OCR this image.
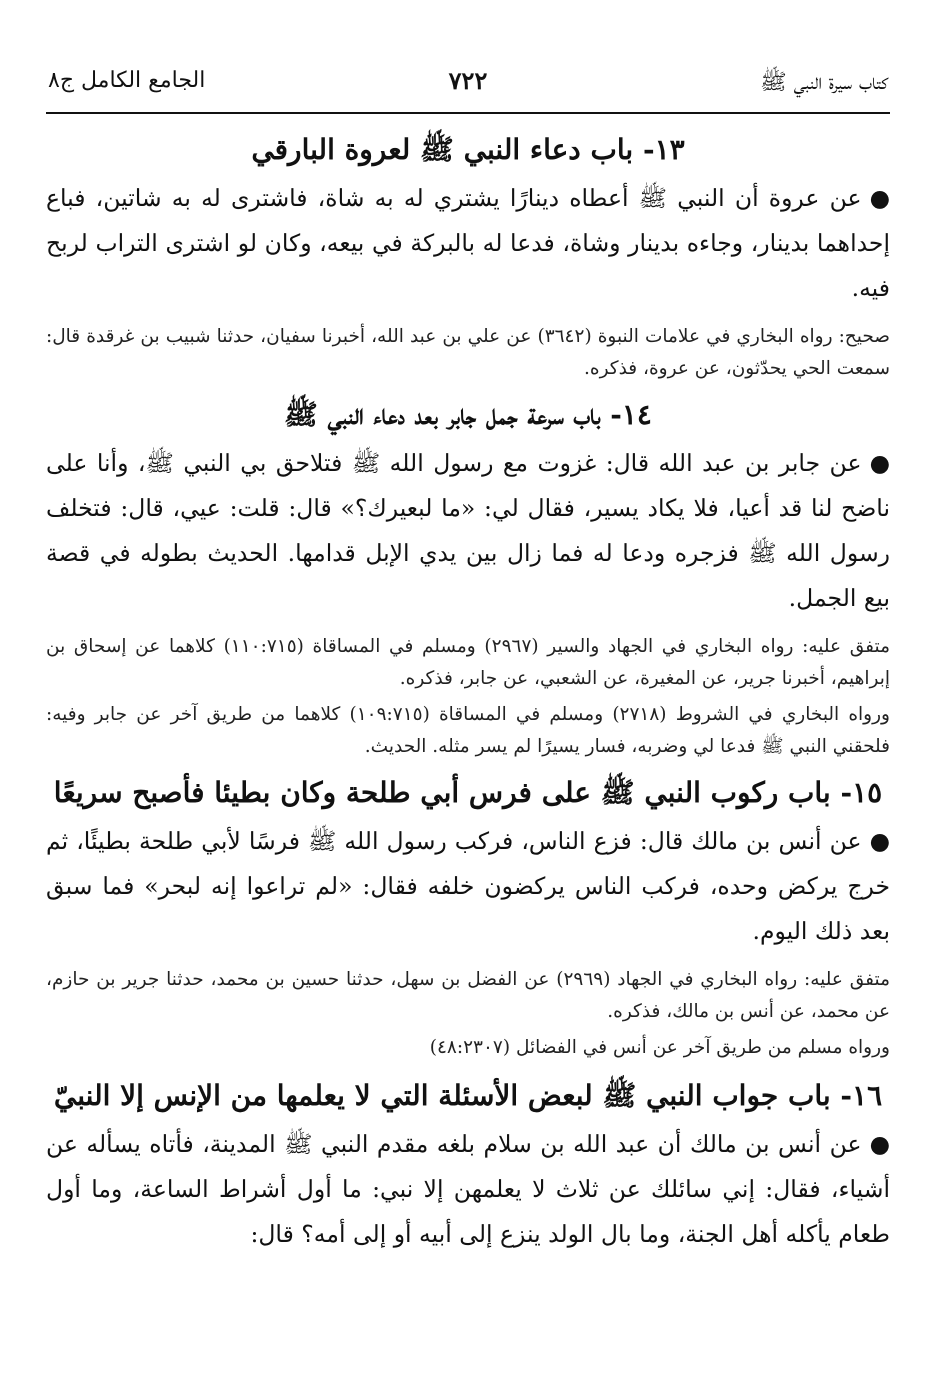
كتاب سيرة النبي ﷺ
٧٢٢
الجامع الكامل ج٨
١٣- باب دعاء النبي ﷺ لعروة البارقي

●عن عروة أن النبي ﷺ أعطاه دينارًا يشتري له به شاة، فاشترى له به شاتين، فباع إحداهما بدينار، وجاءه بدينار وشاة، فدعا له بالبركة في بيعه، وكان لو اشترى التراب لربح فيه.

صحيح: رواه البخاري في علامات النبوة (٣٦٤٢) عن علي بن عبد الله، أخبرنا سفيان، حدثنا شبيب بن غرقدة قال: سمعت الحي يحدّثون، عن عروة، فذكره.

١٤- باب سرعة جمل جابر بعد دعاء النبي ﷺ

●عن جابر بن عبد الله قال: غزوت مع رسول الله ﷺ فتلاحق بي النبي ﷺ، وأنا على ناضح لنا قد أعيا، فلا يكاد يسير، فقال لي: «ما لبعيرك؟» قال: قلت: عيي، قال: فتخلف رسول الله ﷺ فزجره ودعا له فما زال بين يدي الإبل قدامها. الحديث بطوله في قصة بيع الجمل.

متفق عليه: رواه البخاري في الجهاد والسير (٢٩٦٧) ومسلم في المساقاة (١١٠:٧١٥) كلاهما عن إسحاق بن إبراهيم، أخبرنا جرير، عن المغيرة، عن الشعبي، عن جابر، فذكره.

ورواه البخاري في الشروط (٢٧١٨) ومسلم في المساقاة (١٠٩:٧١٥) كلاهما من طريق آخر عن جابر وفيه: فلحقني النبي ﷺ فدعا لي وضربه، فسار يسيرًا لم يسر مثله. الحديث.

١٥- باب ركوب النبي ﷺ على فرس أبي طلحة وكان بطيئا فأصبح سريعًا

●عن أنس بن مالك قال: فزع الناس، فركب رسول الله ﷺ فرسًا لأبي طلحة بطيئًا، ثم خرج يركض وحده، فركب الناس يركضون خلفه فقال: «لم تراعوا إنه لبحر» فما سبق بعد ذلك اليوم.

متفق عليه: رواه البخاري في الجهاد (٢٩٦٩) عن الفضل بن سهل، حدثنا حسين بن محمد، حدثنا جرير بن حازم، عن محمد، عن أنس بن مالك، فذكره.

ورواه مسلم من طريق آخر عن أنس في الفضائل (٤٨:٢٣٠٧)

١٦- باب جواب النبي ﷺ لبعض الأسئلة التي لا يعلمها من الإنس إلا النبيّ

●عن أنس بن مالك أن عبد الله بن سلام بلغه مقدم النبي ﷺ المدينة، فأتاه يسأله عن أشياء، فقال: إني سائلك عن ثلاث لا يعلمهن إلا نبي: ما أول أشراط الساعة، وما أول طعام يأكله أهل الجنة، وما بال الولد ينزع إلى أبيه أو إلى أمه؟ قال:
